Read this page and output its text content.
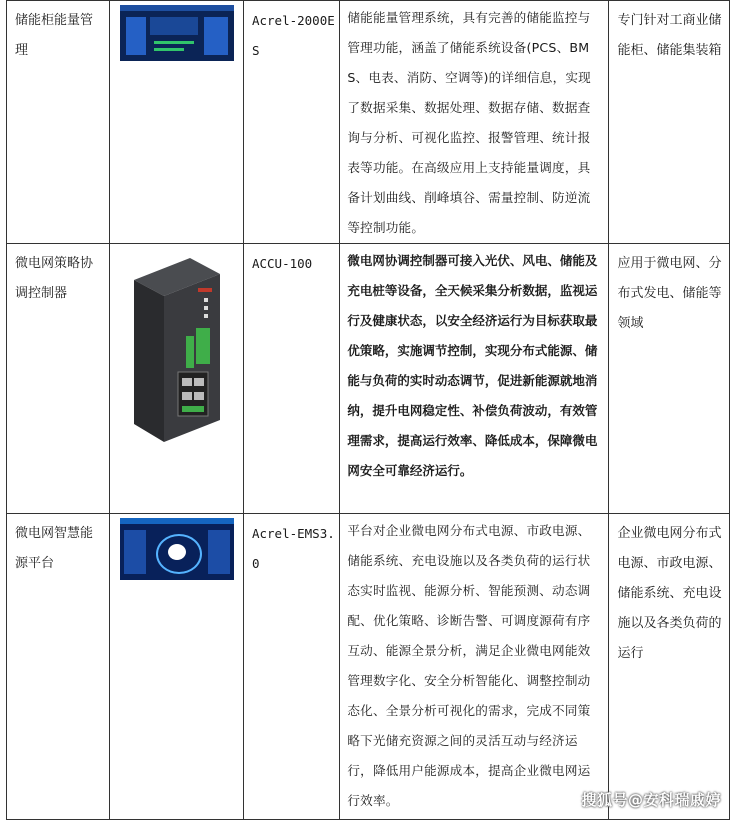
储能柜能量管理		Acrel-2000ES	储能能量管理系统，具有完善的储能监控与管理功能，涵盖了储能系统设备(PCS、BMS、电表、消防、空调等)的详细信息，实现了数据采集、数据处理、数据存储、数据查询与分析、可视化监控、报警管理、统计报表等功能。在高级应用上支持能量调度，具备计划曲线、削峰填谷、需量控制、防逆流等控制功能。	专门针对工商业储能柜、储能集装箱

微电网策略协调控制器		ACCU-100	微电网协调控制器可接入光伏、风电、储能及充电桩等设备，全天候采集分析数据，监视运行及健康状态，以安全经济运行为目标获取最优策略，实施调节控制，实现分布式能源、储能与负荷的实时动态调节，促进新能源就地消纳，提升电网稳定性、补偿负荷波动，有效管理需求，提高运行效率、降低成本，保障微电网安全可靠经济运行。	应用于微电网、分布式发电、储能等领域

微电网智慧能源平台		Acrel-EMS3.0	平台对企业微电网分布式电源、市政电源、储能系统、充电设施以及各类负荷的运行状态实时监视、能源分析、智能预测、动态调配、优化策略、诊断告警、可调度源荷有序互动、能源全景分析，满足企业微电网能效管理数字化、安全分析智能化、调整控制动态化、全景分析可视化的需求，完成不同策略下光储充资源之间的灵活互动与经济运行，降低用户能源成本，提高企业微电网运行效率。	企业微电网分布式电源、市政电源、储能系统、充电设施以及各类负荷的运行
搜狐号@安科瑞戚婷
